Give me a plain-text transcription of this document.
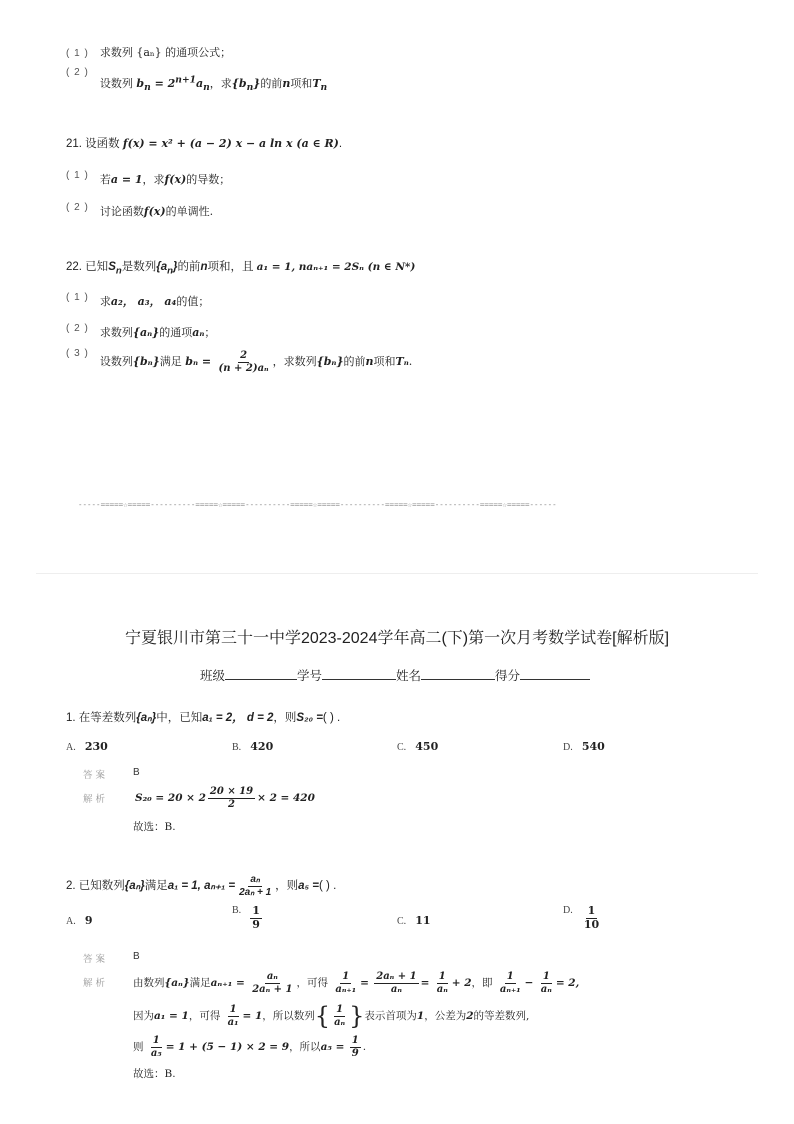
( 1 ) 求数列 {aₙ} 的通项公式；
$^{( 2 )}$ $_{设数列 b_n = 2^{n+1}a_n,求\{b_n\}的前n项和T_n}$
21. 设函数 f(x) = x² + (a − 2) x − a ln x (a ∈ R).
( 1 ) $_{若a = 1,求f(x)的导数;}$
( 2 ) $_{讨论函数f(x)的单调性.}$
22. 已知$S_n$是数列$\{a_n\}$的前n项和，且 a₁ = 1, naₙ₊₁ = 2Sₙ (n ∈ N*)
( 1 ) $_{求a_2, a_3, a_4的值;}$
( 2 ) $_{求数列\{a_n\}的通项a_n;}$
$^{( 3 )}$ 设数列{bₙ}满足 $b_n = \frac{2}{\text{(n + 2)aₙ}}$ ，求数列{bₙ}的前n项和Tₙ.
-----=====☆=====----------=====☆=====----------=====☆=====----------=====☆=====----------=====☆=====------
宁夏银川市第三十一中学2023-2024学年高二(下)第一次月考数学试卷[解析版]
班级	学号	姓名	得分
1. 在等差数列{aₙ}中，已知a₁ = 2， d = 2，则S₂₀ =( ) .
A. 230	B. 420	C. 450	D. 540
答案 B
解析	$S_{20} = 20 \times 2 \frac{20 \times 19}{2} \times 2 = 420$
故选：B.
2. 已知数列{aₙ}满足a₁ = 1, $a_{n+1} = \frac{\text{aₙ}}{\text{2aₙ + 1}}$ ，则a₅ =( ) .
A. 9
$^{B.} \frac{1}{9}$	C. 11
$^{D.} \frac{1}{10}$
答案 B
解析 由数列{aₙ}满足$a_{n+1} = \frac{\text{aₙ}}{\text{2aₙ + 1}}$ ，可得 $\frac{1}{\text{aₙ₊₁}} = \frac{\text{2aₙ + 1}}{\text{aₙ}} = \frac{1}{\text{aₙ}} + 2$，即 $\frac{1}{\text{aₙ₊₁}} - \frac{1}{\text{aₙ}} = 2$,
因为a₁ = 1，可得 $\frac{1}{\text{a₁}} = 1$，所以数列{ $\frac{1}{\text{aₙ}}$ }表示首项为1，公差为2的等差数列,
则 $\frac{1}{\text{a₅}} = 1 + (5 - 1) \times 2 = 9$，所以$a_5 = \frac{1}{9}$ .
故选：B.
